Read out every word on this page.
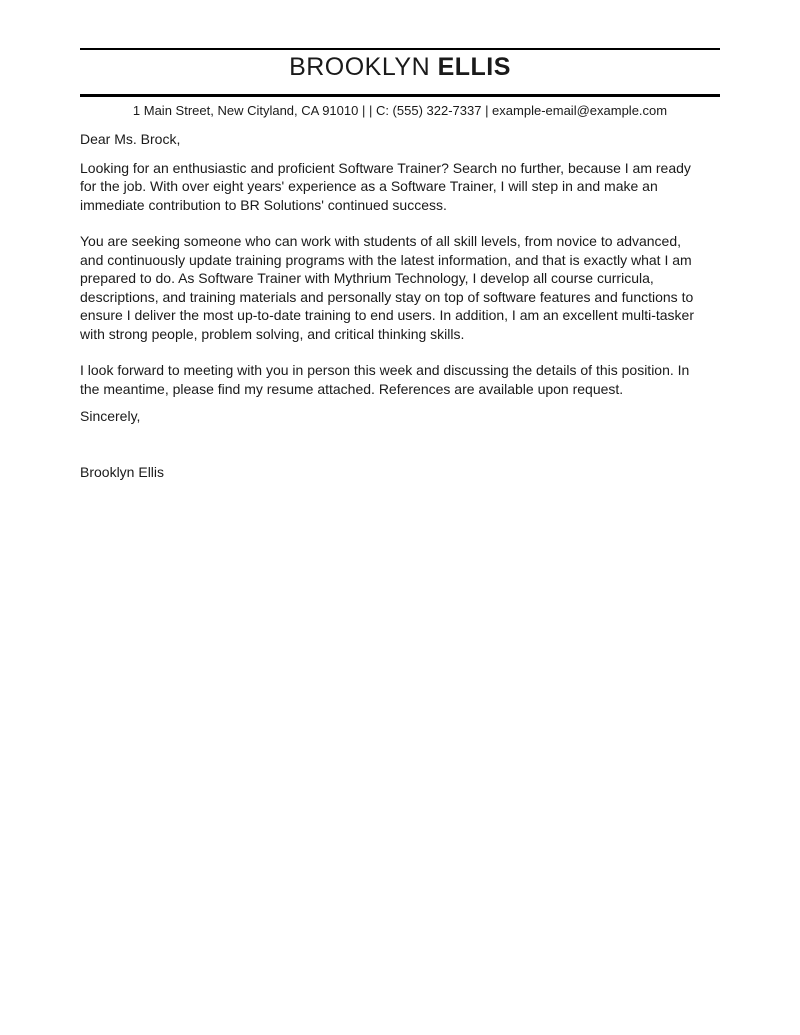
BROOKLYN ELLIS
1 Main Street, New Cityland, CA 91010 | | C: (555) 322-7337 | example-email@example.com
Dear Ms. Brock,
Looking for an enthusiastic and proficient Software Trainer? Search no further, because I am ready
for the job. With over eight years' experience as a Software Trainer, I will step in and make an
immediate contribution to BR Solutions' continued success.
You are seeking someone who can work with students of all skill levels, from novice to advanced,
and continuously update training programs with the latest information, and that is exactly what I am
prepared to do. As Software Trainer with Mythrium Technology, I develop all course curricula,
descriptions, and training materials and personally stay on top of software features and functions to
ensure I deliver the most up-to-date training to end users. In addition, I am an excellent multi-tasker
with strong people, problem solving, and critical thinking skills.
I look forward to meeting with you in person this week and discussing the details of this position. In
the meantime, please find my resume attached. References are available upon request.
Sincerely,
Brooklyn Ellis
